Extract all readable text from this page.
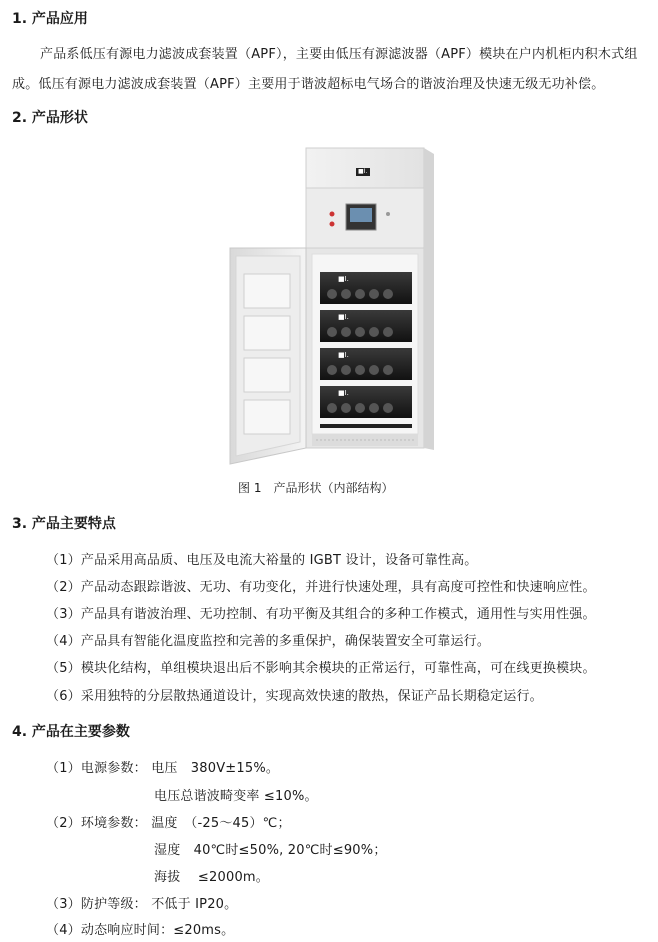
1. 产品应用
产品系低压有源电力滤波成套装置（APF），主要由低压有源滤波器（APF）模块在户内机柜内积木式组
成。低压有源电力滤波成套装置（APF）主要用于谐波超标电气场合的谐波治理及快速无级无功补偿。
2. 产品形状
■I.
■I.
■I.
■I.
■I.
图 1　产品形状（内部结构）
3. 产品主要特点
（1）产品采用高品质、电压及电流大裕量的 IGBT 设计，设备可靠性高。
（2）产品动态跟踪谐波、无功、有功变化，并进行快速处理，具有高度可控性和快速响应性。
（3）产品具有谐波治理、无功控制、有功平衡及其组合的多种工作模式，通用性与实用性强。
（4）产品具有智能化温度监控和完善的多重保护，确保装置安全可靠运行。
（5）模块化结构，单组模块退出后不影响其余模块的正常运行，可靠性高，可在线更换模块。
（6）采用独特的分层散热通道设计，实现高效快速的散热，保证产品长期稳定运行。
4. 产品在主要参数
（1）电源参数： 电压　380V±15%。
电压总谐波畸变率 ≤10%。
（2）环境参数： 温度　（-25～45）℃；
湿度　40℃时≤50%, 20℃时≤90%；
海拔　 ≤2000m。
（3）防护等级： 不低于 IP20。
（4）动态响应时间：≤20ms。
